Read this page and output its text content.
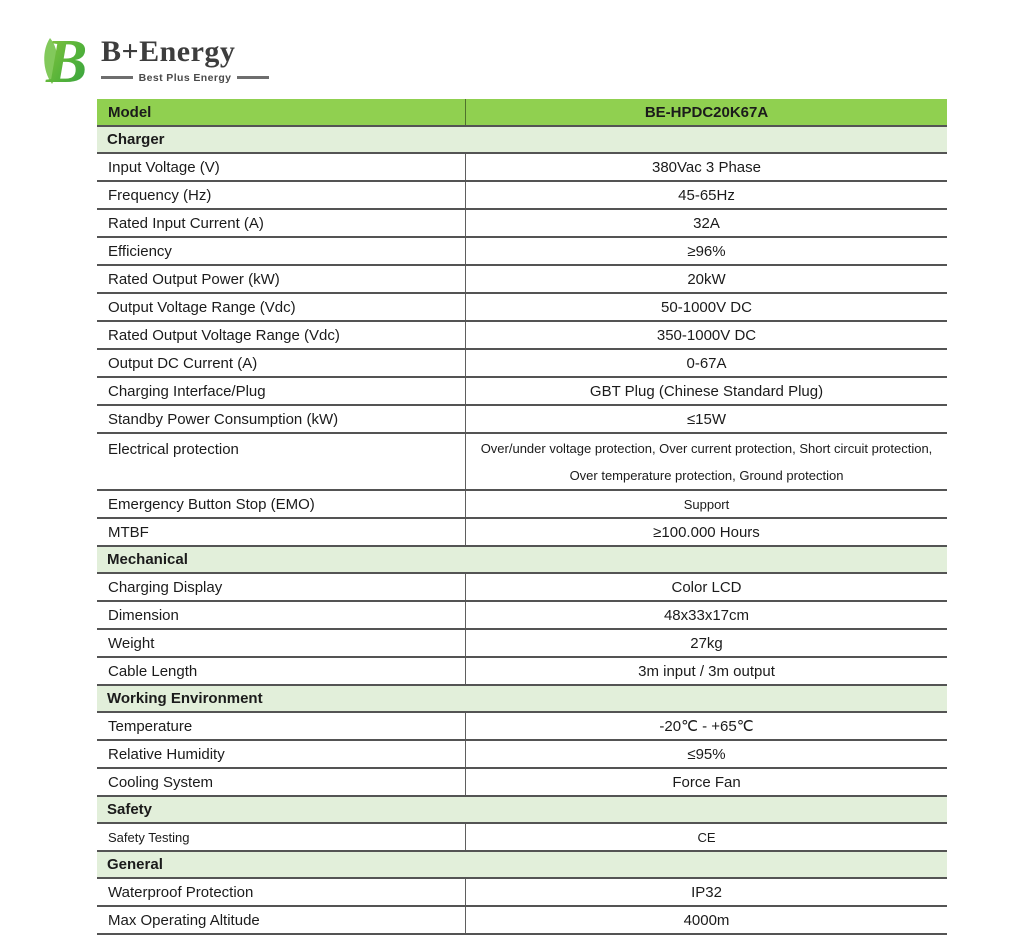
B B+Energy
Best Plus Energy
Model	BE-HPDC20K67A
Charger
Input Voltage (V)	380Vac 3 Phase
Frequency (Hz)	45-65Hz
Rated Input Current (A)	32A
Efficiency	≥96%
Rated Output Power (kW)	20kW
Output Voltage Range (Vdc)	50-1000V DC
Rated Output Voltage Range (Vdc)	350-1000V DC
Output DC Current (A)	0-67A
Charging Interface/Plug	GBT Plug (Chinese Standard Plug)
Standby Power Consumption (kW)	≤15W
Electrical protection	Over/under voltage protection, Over current protection, Short circuit protection, Over temperature protection, Ground protection
Emergency Button Stop (EMO)	Support
MTBF	≥100.000 Hours
Mechanical
Charging Display	Color LCD
Dimension	48x33x17cm
Weight	27kg
Cable Length	3m input / 3m output
Working Environment
Temperature	-20℃ - +65℃
Relative Humidity	≤95%
Cooling System	Force Fan
Safety
Safety Testing	CE
General
Waterproof Protection	IP32
Max Operating Altitude	4000m
